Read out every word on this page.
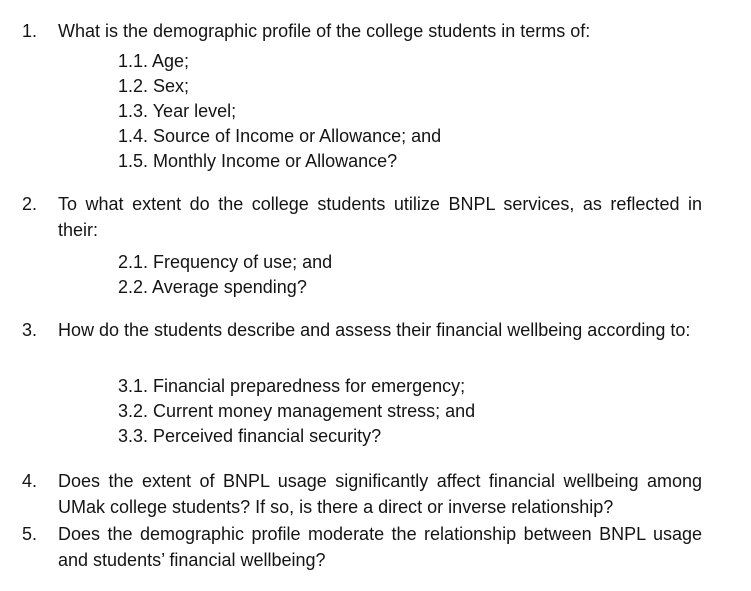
1.	What is the demographic profile of the college students in terms of:
1.1. Age;
1.2. Sex;
1.3. Year level;
1.4. Source of Income or Allowance; and
1.5. Monthly Income or Allowance?
2.	To what extent do the college students utilize BNPL services, as reflected in their:
2.1. Frequency of use; and
2.2. Average spending?
3.	How do the students describe and assess their financial wellbeing according to:
3.1. Financial preparedness for emergency;
3.2. Current money management stress; and
3.3. Perceived financial security?
4.	Does the extent of BNPL usage significantly affect financial wellbeing among UMak college students? If so, is there a direct or inverse relationship?
5.	Does the demographic profile moderate the relationship between BNPL usage and students’ financial wellbeing?
